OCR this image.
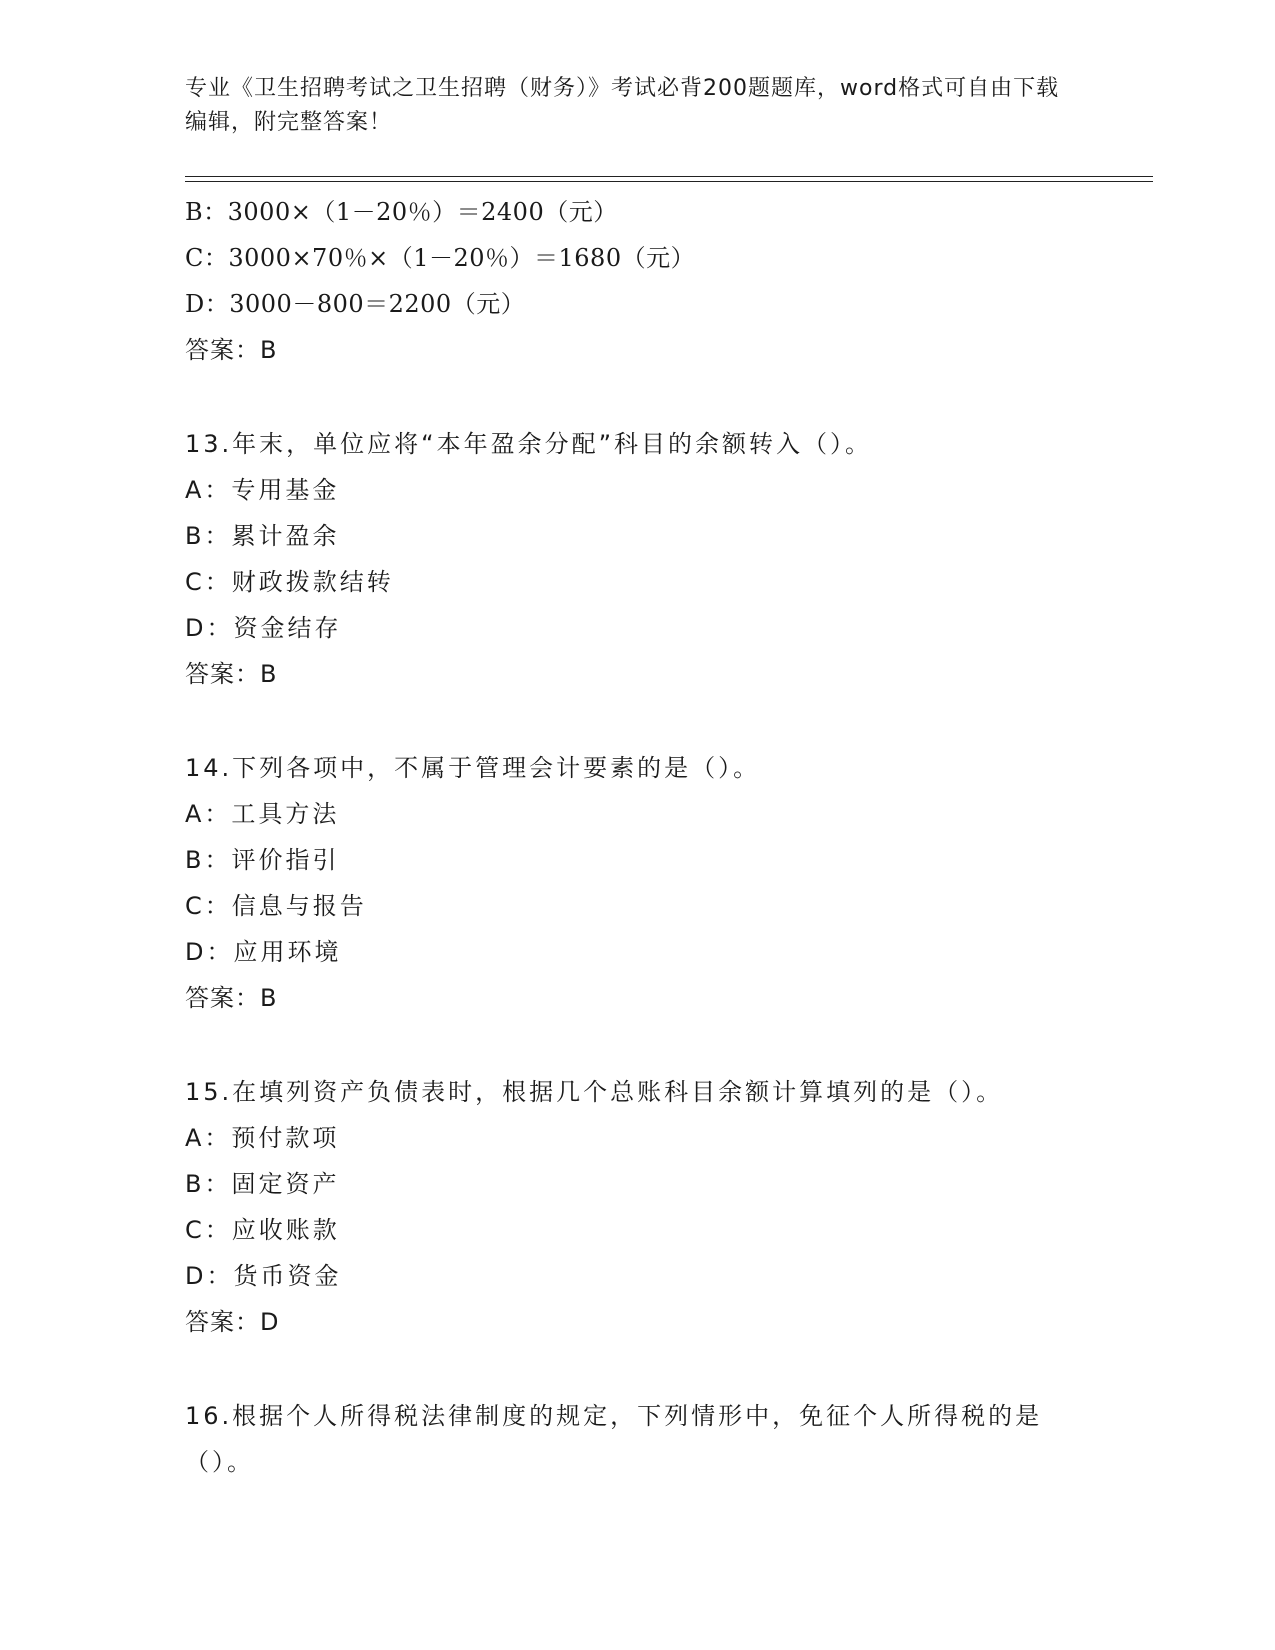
专业《卫生招聘考试之卫生招聘（财务）》考试必背200题题库，word格式可自由下载编辑，附完整答案！
B：3000×（1－20％）＝2400（元）
C：3000×70％×（1－20％）＝1680（元）
D：3000－800＝2200（元）
答案：B
13.年末，单位应将“本年盈余分配”科目的余额转入（）。
A：专用基金
B：累计盈余
C：财政拨款结转
D：资金结存
答案：B
14.下列各项中，不属于管理会计要素的是（）。
A：工具方法
B：评价指引
C：信息与报告
D：应用环境
答案：B
15.在填列资产负债表时，根据几个总账科目余额计算填列的是（）。
A：预付款项
B：固定资产
C：应收账款
D：货币资金
答案：D
16.根据个人所得税法律制度的规定，下列情形中，免征个人所得税的是（）。
